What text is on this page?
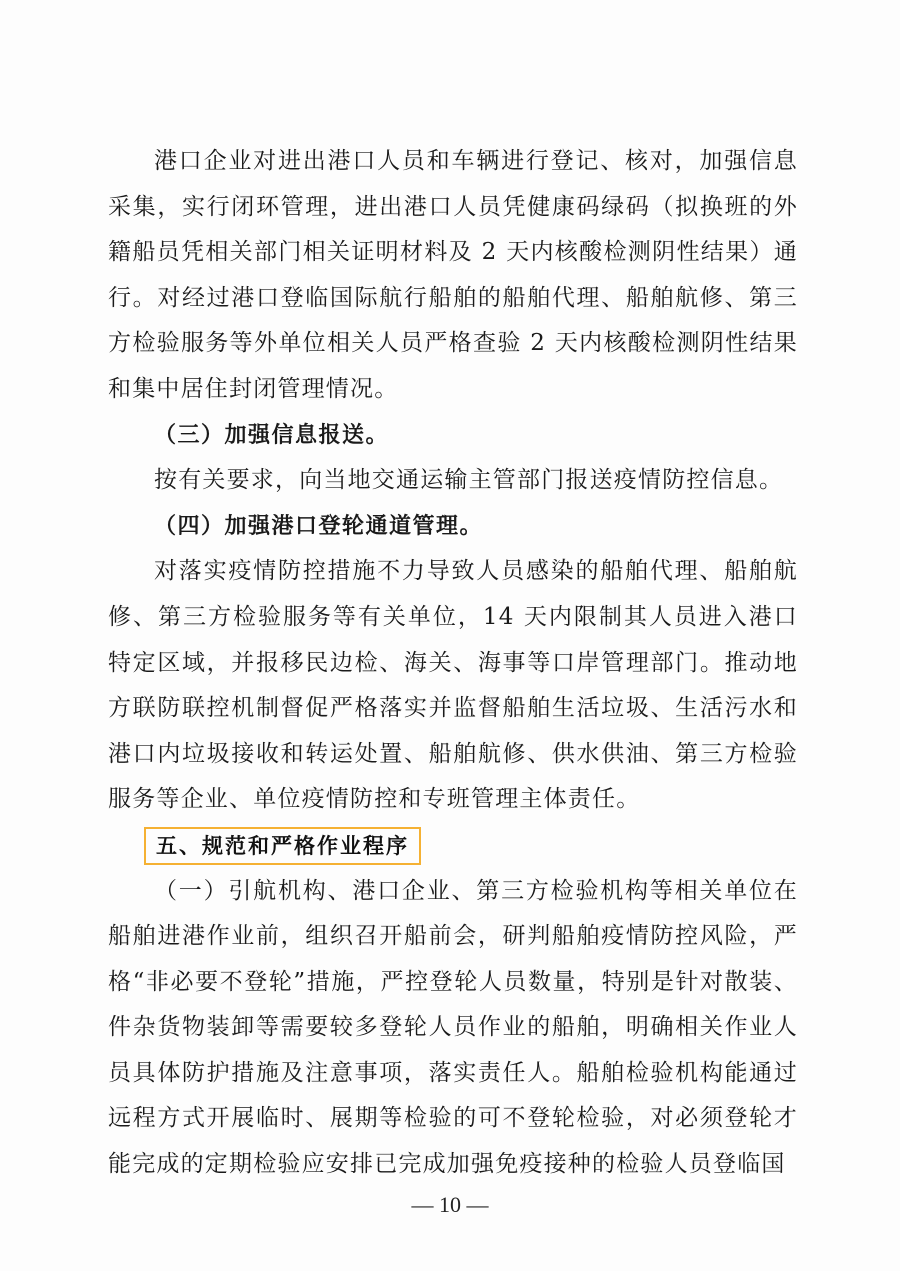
港口企业对进出港口人员和车辆进行登记、核对，加强信息采集，实行闭环管理，进出港口人员凭健康码绿码（拟换班的外籍船员凭相关部门相关证明材料及 2 天内核酸检测阴性结果）通行。对经过港口登临国际航行船舶的船舶代理、船舶航修、第三方检验服务等外单位相关人员严格查验 2 天内核酸检测阴性结果和集中居住封闭管理情况。

（三）加强信息报送。

按有关要求，向当地交通运输主管部门报送疫情防控信息。

（四）加强港口登轮通道管理。

对落实疫情防控措施不力导致人员感染的船舶代理、船舶航修、第三方检验服务等有关单位，14 天内限制其人员进入港口特定区域，并报移民边检、海关、海事等口岸管理部门。推动地方联防联控机制督促严格落实并监督船舶生活垃圾、生活污水和港口内垃圾接收和转运处置、船舶航修、供水供油、第三方检验服务等企业、单位疫情防控和专班管理主体责任。

五、规范和严格作业程序

（一）引航机构、港口企业、第三方检验机构等相关单位在船舶进港作业前，组织召开船前会，研判船舶疫情防控风险，严格“非必要不登轮”措施，严控登轮人员数量，特别是针对散装、件杂货物装卸等需要较多登轮人员作业的船舶，明确相关作业人员具体防护措施及注意事项，落实责任人。船舶检验机构能通过远程方式开展临时、展期等检验的可不登轮检验，对必须登轮才能完成的定期检验应安排已完成加强免疫接种的检验人员登临国

— 10 —
